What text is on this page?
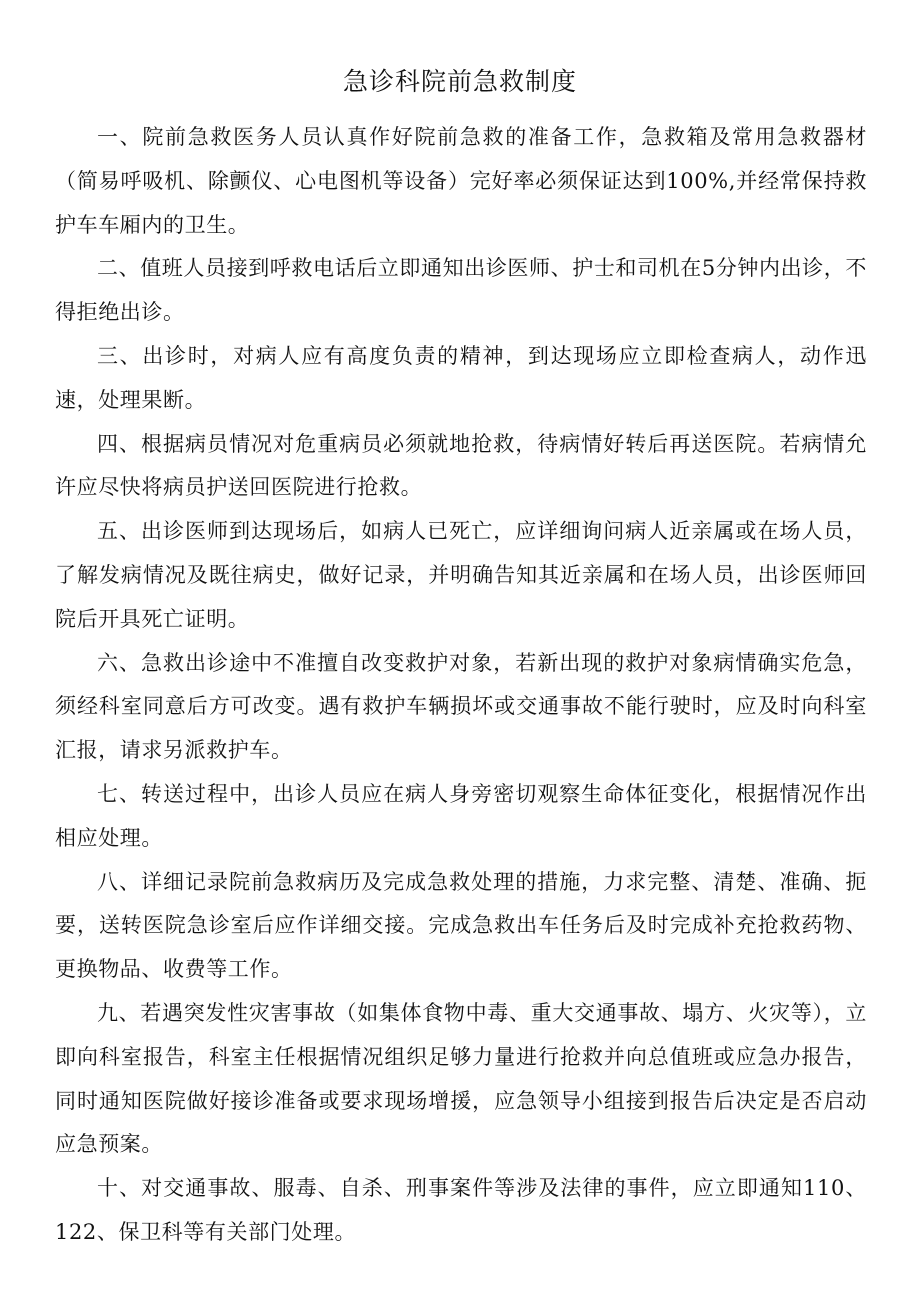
急诊科院前急救制度

一、院前急救医务人员认真作好院前急救的准备工作，急救箱及常用急救器材（简易呼吸机、除颤仪、心电图机等设备）完好率必须保证达到100%,并经常保持救护车车厢内的卫生。

二、值班人员接到呼救电话后立即通知出诊医师、护士和司机在5分钟内出诊，不得拒绝出诊。

三、出诊时，对病人应有高度负责的精神，到达现场应立即检查病人，动作迅速，处理果断。

四、根据病员情况对危重病员必须就地抢救，待病情好转后再送医院。若病情允许应尽快将病员护送回医院进行抢救。

五、出诊医师到达现场后，如病人已死亡，应详细询问病人近亲属或在场人员，了解发病情况及既往病史，做好记录，并明确告知其近亲属和在场人员，出诊医师回院后开具死亡证明。

六、急救出诊途中不准擅自改变救护对象，若新出现的救护对象病情确实危急，须经科室同意后方可改变。遇有救护车辆损坏或交通事故不能行驶时，应及时向科室汇报，请求另派救护车。

七、转送过程中，出诊人员应在病人身旁密切观察生命体征变化，根据情况作出相应处理。

八、详细记录院前急救病历及完成急救处理的措施，力求完整、清楚、准确、扼要，送转医院急诊室后应作详细交接。完成急救出车任务后及时完成补充抢救药物、更换物品、收费等工作。

九、若遇突发性灾害事故（如集体食物中毒、重大交通事故、塌方、火灾等），立即向科室报告，科室主任根据情况组织足够力量进行抢救并向总值班或应急办报告，同时通知医院做好接诊准备或要求现场增援，应急领导小组接到报告后决定是否启动应急预案。

十、对交通事故、服毒、自杀、刑事案件等涉及法律的事件，应立即通知110、122、保卫科等有关部门处理。
